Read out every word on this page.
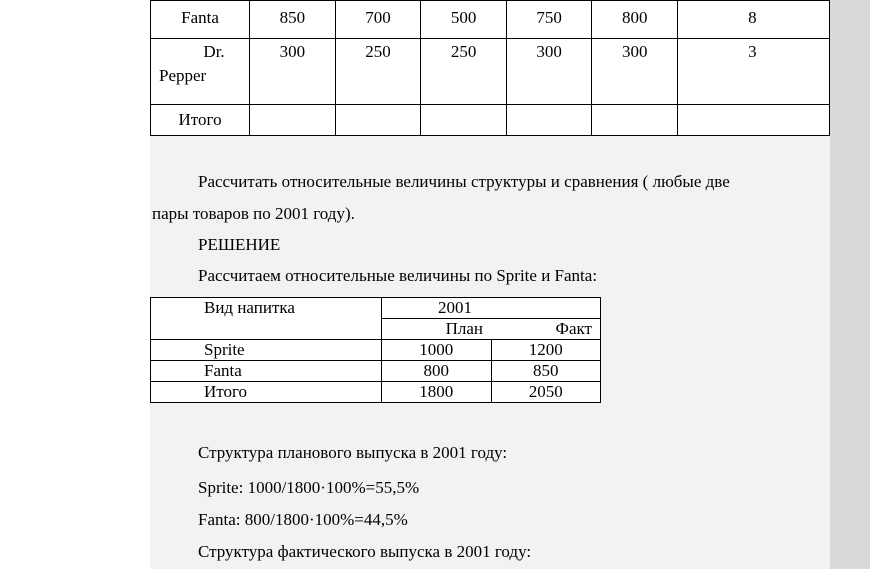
Fanta	850	700	500	750	800	8

Dr.
Pepper	300	250	250	300	300	3

Итого						

Рассчитать относительные величины структуры и сравнения ( любые две
пары товаров по 2001 году).
РЕШЕНИЕ
Рассчитаем относительные величины по Sprite и Fanta:
Вид напитка	2001	
	План	Факт
Sprite	1000	1200
Fanta	800	850
Итого	1800	2050
Структура планового выпуска в 2001 году:
Sprite: 1000/1800·100%=55,5%
Fanta: 800/1800·100%=44,5%
Структура фактического выпуска в 2001 году:
